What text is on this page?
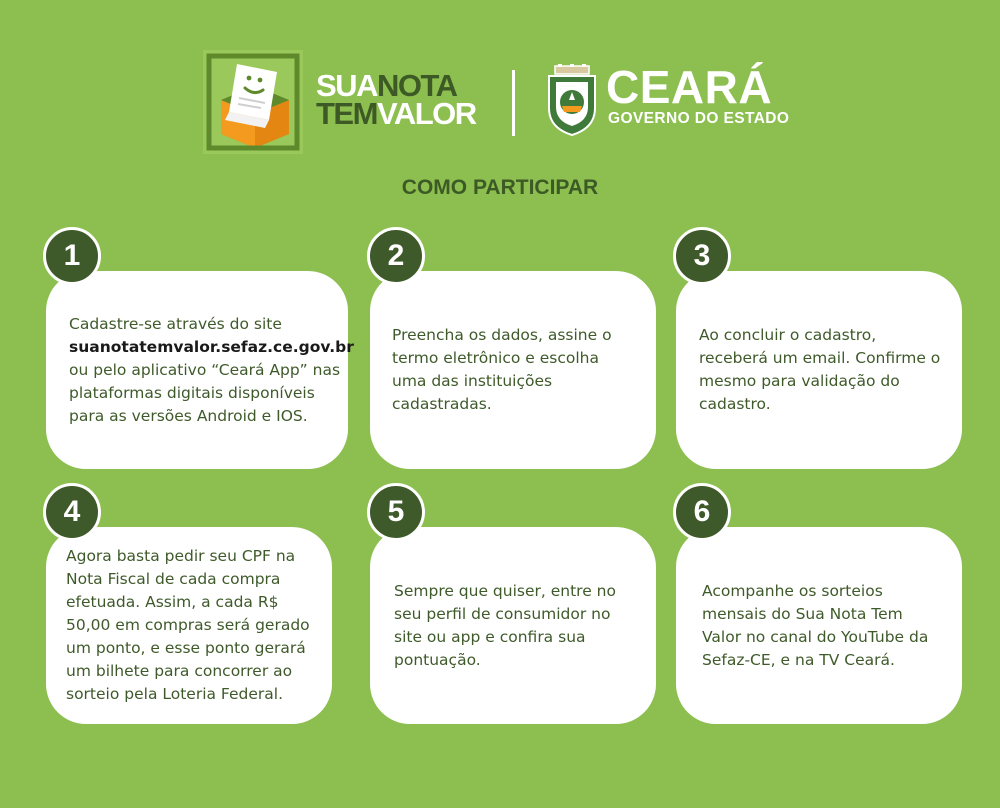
SUANOTA
TEMVALOR
CEARÁ
GOVERNO DO ESTADO
COMO PARTICIPAR

Cadastre-se através do site suanotatemvalor.sefaz.ce.gov.br ou pelo aplicativo “Ceará App” nas plataformas digitais disponíveis para as versões Android e IOS.

1

Preencha os dados, assine o termo eletrônico e escolha uma das instituições cadastradas.

2

Ao concluir o cadastro, receberá um email. Confirme o mesmo para validação do cadastro.

3

Agora basta pedir seu CPF na Nota Fiscal de cada compra efetuada. Assim, a cada R$ 50,00 em compras será gerado um ponto, e esse ponto gerará um bilhete para concorrer ao sorteio pela Loteria Federal.

4

Sempre que quiser, entre no seu perfil de consumidor no site ou app e confira sua pontuação.

5

Acompanhe os sorteios mensais do Sua Nota Tem Valor no canal do YouTube da Sefaz-CE, e na TV Ceará.

6
